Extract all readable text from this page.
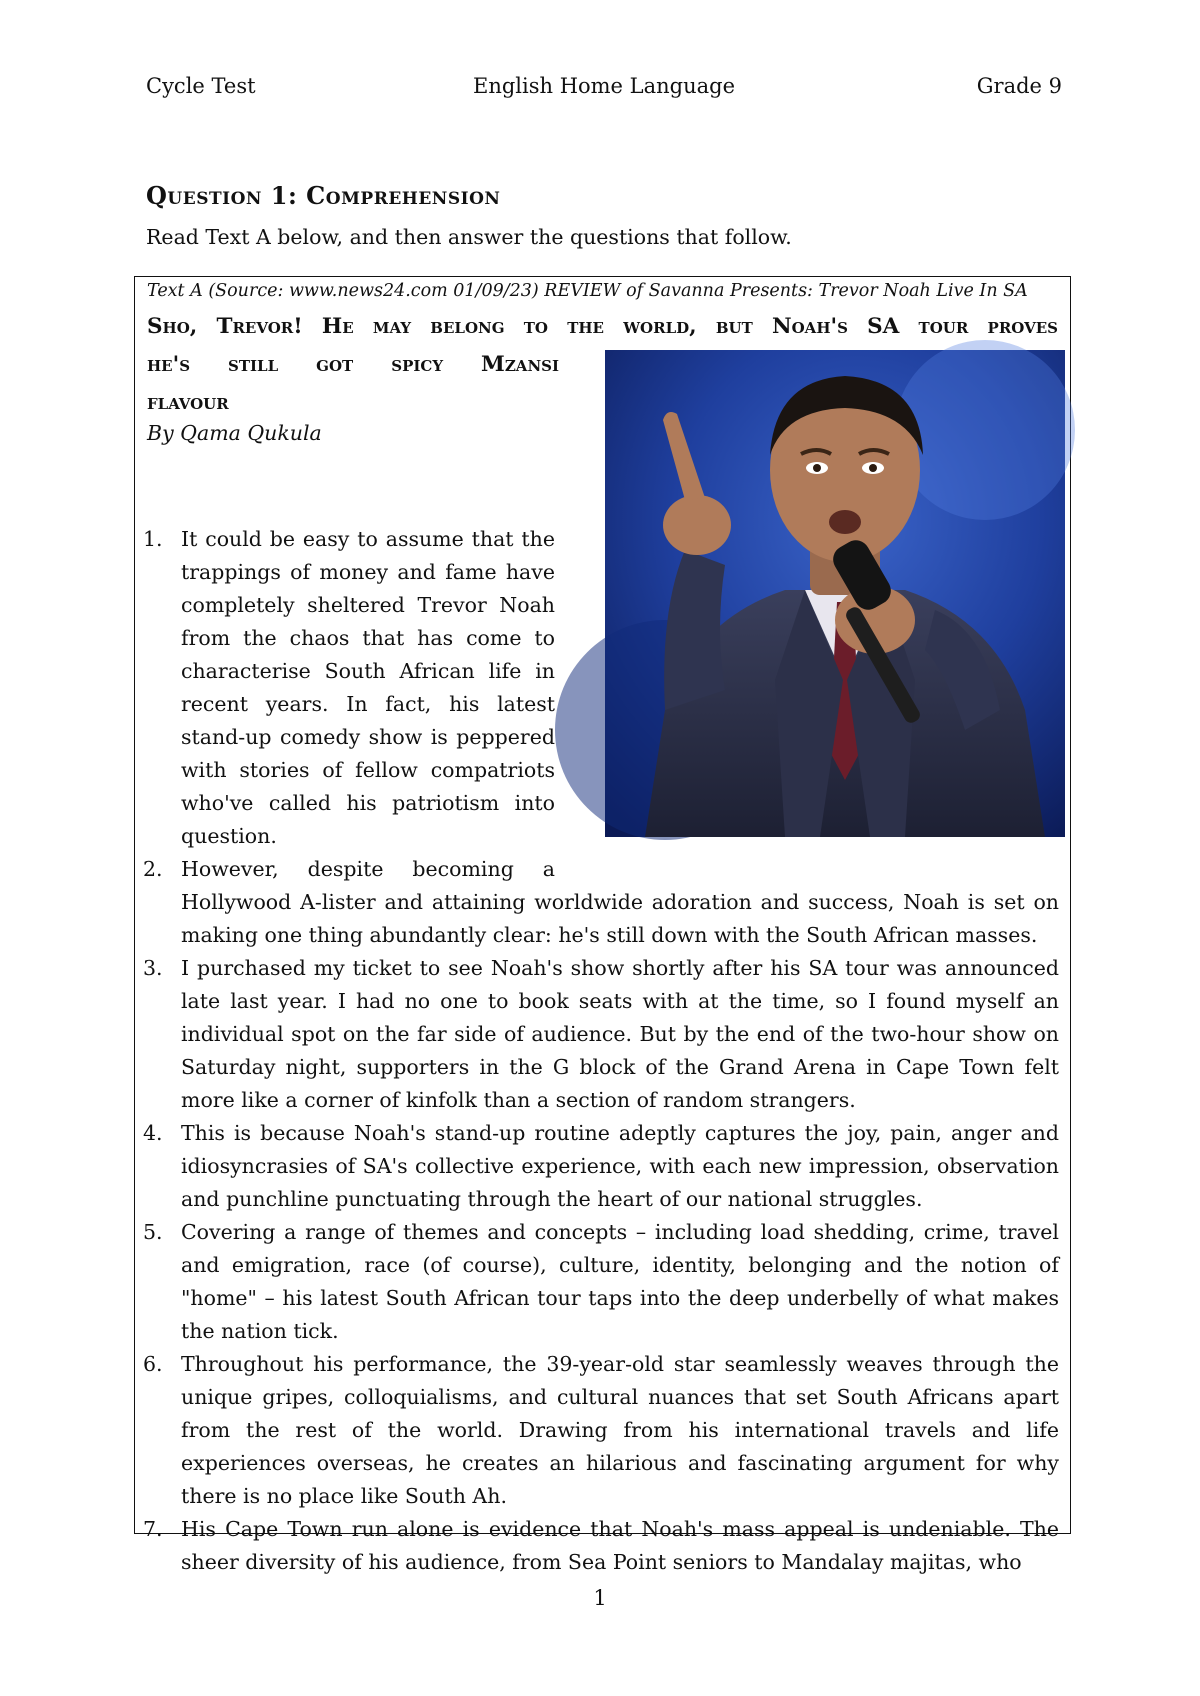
Cycle Test	English Home Language	Grade 9
Question 1: Comprehension
Read Text A below, and then answer the questions that follow.
Text A (Source: www.news24.com 01/09/23) REVIEW of Savanna Presents: Trevor Noah Live In SA
Sho, Trevor! He may belong to the world, but Noah's SA tour proves
he's still got spicy Mzansi
flavour
By Qama Qukula

1. It could be easy to assume that the trappings of money and fame have completely sheltered Trevor Noah from the chaos that has come to characterise South African life in recent years. In fact, his latest stand-up comedy show is peppered with stories of fellow compatriots who've called his patriotism into question.

2. However, despite becoming a
Hollywood A-lister and attaining worldwide adoration and success, Noah is set on making one thing abundantly clear: he's still down with the South African masses.

3. I purchased my ticket to see Noah's show shortly after his SA tour was announced late last year. I had no one to book seats with at the time, so I found myself an individual spot on the far side of audience. But by the end of the two-hour show on Saturday night, supporters in the G block of the Grand Arena in Cape Town felt more like a corner of kinfolk than a section of random strangers.

4. This is because Noah's stand-up routine adeptly captures the joy, pain, anger and idiosyncrasies of SA's collective experience, with each new impression, observation and punchline punctuating through the heart of our national struggles.

5. Covering a range of themes and concepts – including load shedding, crime, travel and emigration, race (of course), culture, identity, belonging and the notion of "home" – his latest South African tour taps into the deep underbelly of what makes the nation tick.

6. Throughout his performance, the 39-year-old star seamlessly weaves through the unique gripes, colloquialisms, and cultural nuances that set South Africans apart from the rest of the world. Drawing from his international travels and life experiences overseas, he creates an hilarious and fascinating argument for why there is no place like South Ah.

7. His Cape Town run alone is evidence that Noah's mass appeal is undeniable. The sheer diversity of his audience, from Sea Point seniors to Mandalay majitas, who

1
